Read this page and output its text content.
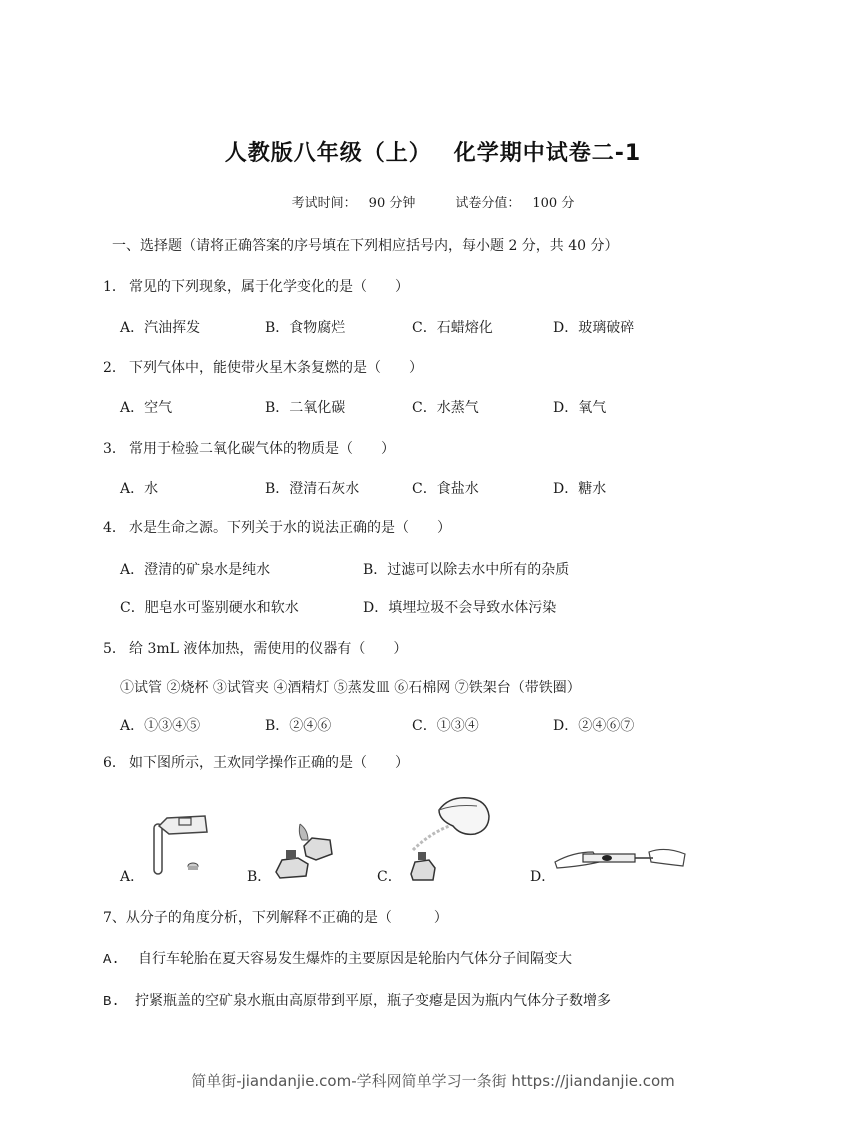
人教版八年级（上） 化学期中试卷二-1
考试时间： 90 分钟	试卷分值： 100 分
一、选择题（请将正确答案的序号填在下列相应括号内，每小题 2 分，共 40 分）
1． 常见的下列现象，属于化学变化的是（　　）
A．汽油挥发	B．食物腐烂	C．石蜡熔化	D．玻璃破碎
2． 下列气体中，能使带火星木条复燃的是（　　）
A．空气	B．二氧化碳	C．水蒸气	D．氧气
3． 常用于检验二氧化碳气体的物质是（　　）
A．水	B．澄清石灰水	C．食盐水	D．糖水
4． 水是生命之源。下列关于水的说法正确的是（　　）
A．澄清的矿泉水是纯水	B．过滤可以除去水中所有的杂质
C．肥皂水可鉴别硬水和软水	D．填埋垃圾不会导致水体污染
5． 给 3mL 液体加热，需使用的仪器有（　　）
①试管 ②烧杯 ③试管夹 ④酒精灯 ⑤蒸发皿 ⑥石棉网 ⑦铁架台（带铁圈）
A．①③④⑤	B．②④⑥	C．①③④	D．②④⑥⑦
6． 如下图所示，王欢同学操作正确的是（　　）
A．	B．	C．	D．
7、从分子的角度分析，下列解释不正确的是（　　　）
A. 自行车轮胎在夏天容易发生爆炸的主要原因是轮胎内气体分子间隔变大
B. 拧紧瓶盖的空矿泉水瓶由高原带到平原，瓶子变瘪是因为瓶内气体分子数增多
简单街-jiandanjie.com-学科网简单学习一条街 https://jiandanjie.com
